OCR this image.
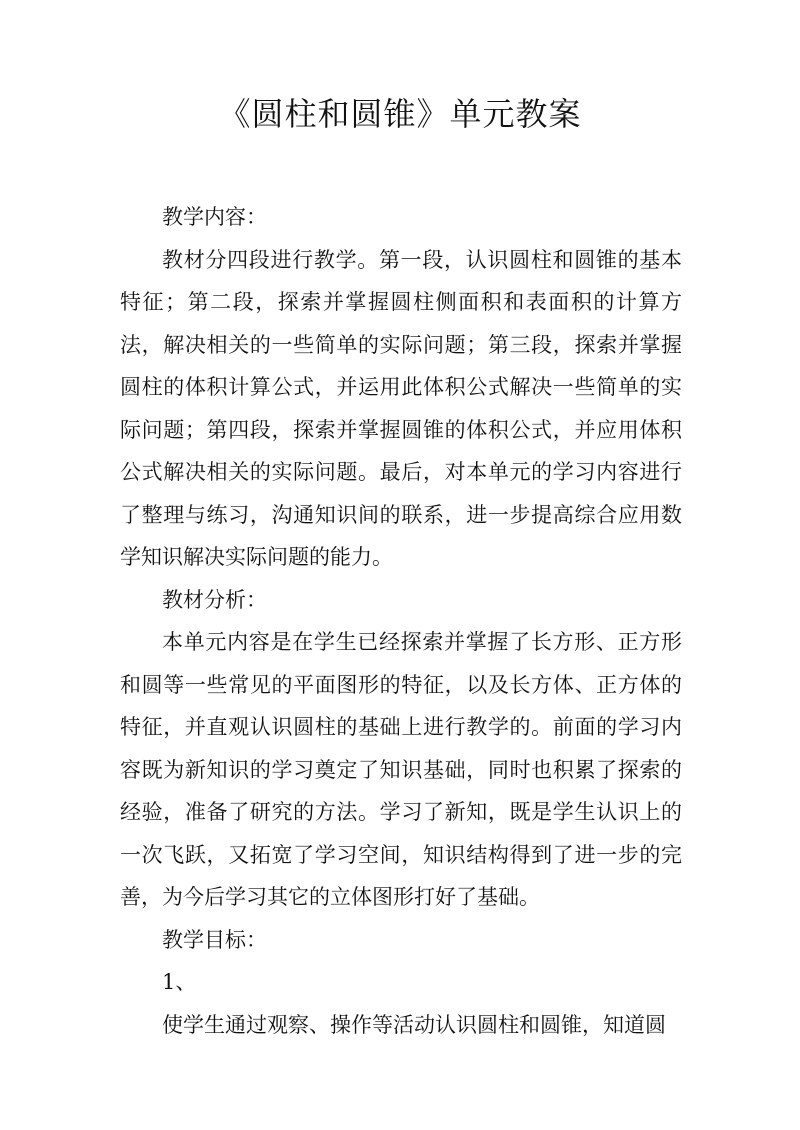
《圆柱和圆锥》单元教案

教学内容：

教材分四段进行教学。第一段，认识圆柱和圆锥的基本特征；第二段，探索并掌握圆柱侧面积和表面积的计算方法，解决相关的一些简单的实际问题；第三段，探索并掌握圆柱的体积计算公式，并运用此体积公式解决一些简单的实际问题；第四段，探索并掌握圆锥的体积公式，并应用体积公式解决相关的实际问题。最后，对本单元的学习内容进行了整理与练习，沟通知识间的联系，进一步提高综合应用数学知识解决实际问题的能力。

教材分析：

本单元内容是在学生已经探索并掌握了长方形、正方形和圆等一些常见的平面图形的特征，以及长方体、正方体的特征，并直观认识圆柱的基础上进行教学的。前面的学习内容既为新知识的学习奠定了知识基础，同时也积累了探索的经验，准备了研究的方法。学习了新知，既是学生认识上的一次飞跃，又拓宽了学习空间，知识结构得到了进一步的完善，为今后学习其它的立体图形打好了基础。

教学目标：

1、

使学生通过观察、操作等活动认识圆柱和圆锥，知道圆
